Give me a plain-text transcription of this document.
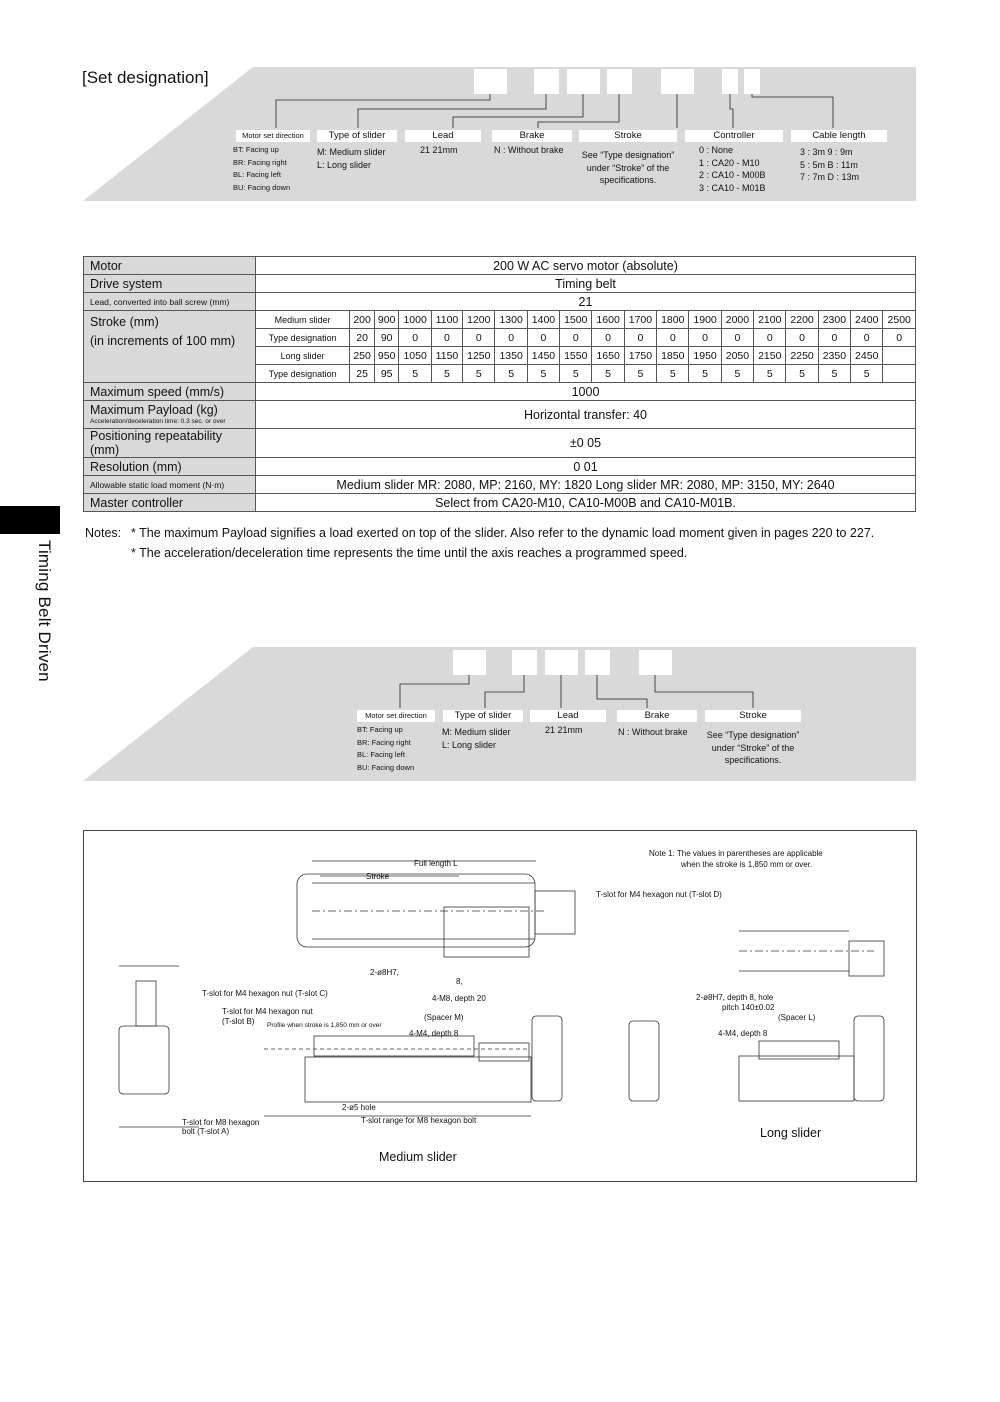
[Set designation]
Motor set direction	Type of slider	Lead	Brake	Stroke	Controller	Cable length
BT: Facing up
BR: Facing right
BL: Facing left
BU: Facing down
M: Medium slider
L: Long slider
21 21mm	N : Without brake	See “Type designation”
under “Stroke” of the
specifications.
0 : None
1 : CA20 - M10
2 : CA10 - M00B
3 : CA10 - M01B
3 : 3m 9 : 9m
5 : 5m B : 11m
7 : 7m D : 13m
Motor	200 W AC servo motor (absolute)																		
Drive system	Timing belt																		
Lead, converted into ball screw (mm)	21																		

Stroke (mm)
(in increments of 100 mm)	Medium slider	200	900	1000	1100	1200	1300	1400	1500	1600	1700	1800	1900	2000	2100	2200	2300	2400	2500
	Type designation	20	90	0	0	0	0	0	0	0	0	0	0	0	0	0	0	0	0
	Long slider	250	950	1050	1150	1250	1350	1450	1550	1650	1750	1850	1950	2050	2150	2250	2350	2450	
	Type designation	25	95	5	5	5	5	5	5	5	5	5	5	5	5	5	5	5	
Maximum speed (mm/s)	1000																		

Maximum Payload (kg)
Acceleration/deceleration time: 0.3 sec. or over	Horizontal transfer: 40																		
Positioning repeatability (mm)	±0 05																		
Resolution (mm)	0 01																		
Allowable static load moment (N·m)	Medium slider MR: 2080, MP: 2160, MY: 1820 Long slider MR: 2080, MP: 3150, MY: 2640																		
Master controller	Select from CA20-M10, CA10-M00B and CA10-M01B.																		
Notes: * The maximum Payload signifies a load exerted on top of the slider. Also refer to the dynamic load moment given in pages 220 to 227.
* The acceleration/deceleration time represents the time until the axis reaches a programmed speed.
Timing Belt Driven
Motor set direction	Type of slider	Lead	Brake	Stroke
BT: Facing up
BR: Facing right
BL: Facing left
BU: Facing down
M: Medium slider
L: Long slider
21 21mm	N : Without brake	See “Type designation”
under “Stroke” of the
specifications.
Note 1: The values in parentheses are applicable
when the stroke is 1,850 mm or over.
Full length L
Stroke
T-slot for M4 hexagon nut (T-slot D)
T-slot for M4 hexagon nut (T-slot C)
T-slot for M4 hexagon nut
(T-slot B) Profile when stroke is 1,850 mm or over
2-ø8H7,
8,
4-M8, depth 20
(Spacer M)
4-M4, depth 8
2-ø5 hole
T-slot range for M8 hexagon bolt
T-slot for M8 hexagon
bolt (T-slot A)
2-ø8H7, depth 8, hole
pitch 140±0.02
(Spacer L)
4-M4, depth 8
Medium slider
Long slider
